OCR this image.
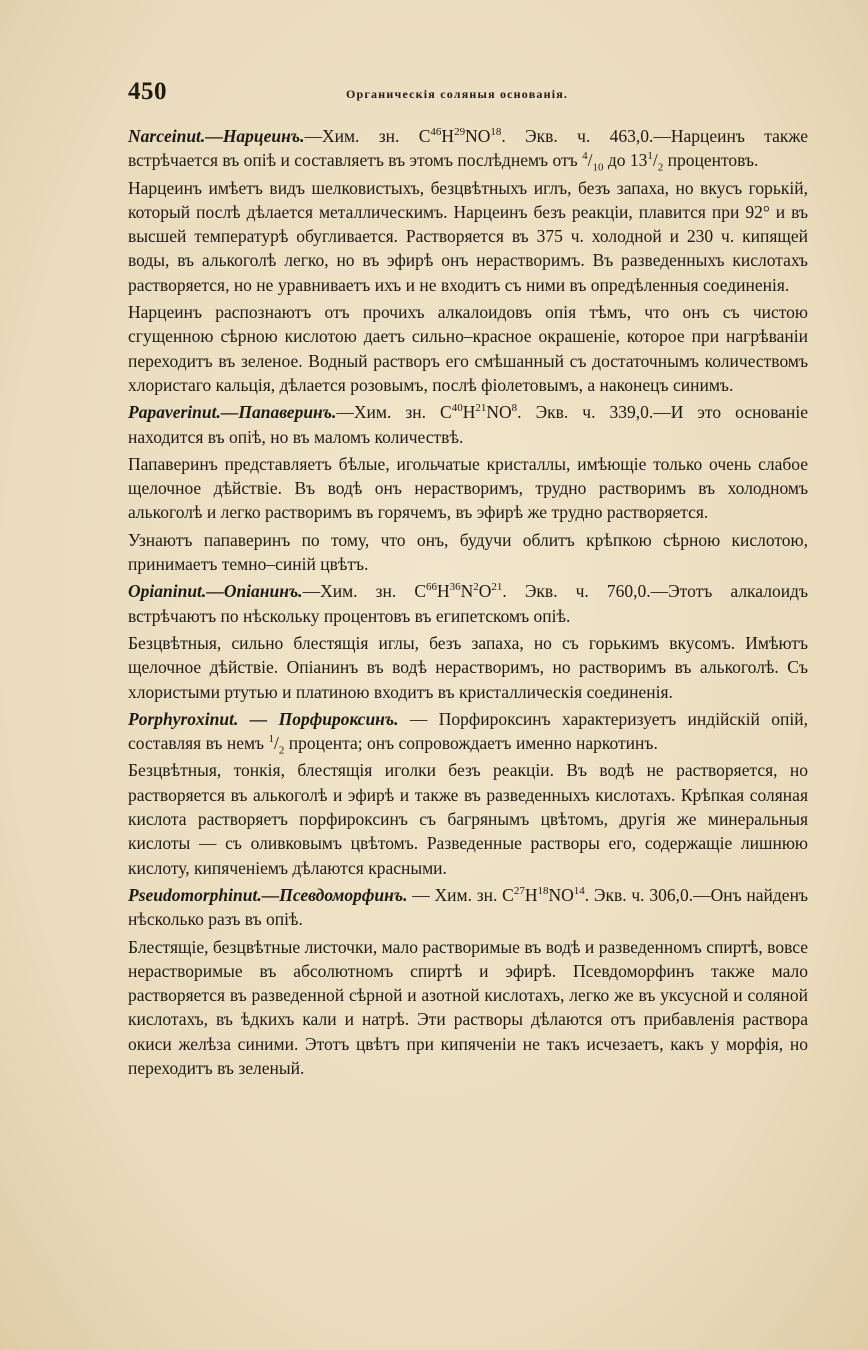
450	Органическія соляныя основанія.

Narceinut.—Нарцеинъ.—Хим. зн. $C^{46}H^{29}NO^{18}$. Экв. ч. 463,0.—Нарцеинъ также встрѣчается въ опіѣ и составляетъ въ этомъ послѣднемъ отъ $^4/_{10}$ до $13^1/_2$ процентовъ.

Нарцеинъ имѣетъ видъ шелковистыхъ, безцвѣтныхъ иглъ, безъ запаха, но вкусъ горькій, который послѣ дѣлается металлическимъ. Нарцеинъ безъ реакціи, плавится при 92° и въ высшей температурѣ обугливается. Растворяется въ 375 ч. холодной и 230 ч. кипящей воды, въ алькоголѣ легко, но въ эфирѣ онъ нерастворимъ. Въ разведенныхъ кислотахъ растворяется, но не уравниваетъ ихъ и не входитъ съ ними въ опредѣленныя соединенія.

Нарцеинъ распознаютъ отъ прочихъ алкалоидовъ опія тѣмъ, что онъ съ чистою сгущенною сѣрною кислотою даетъ сильно–красное окрашеніе, которое при нагрѣваніи переходитъ въ зеленое. Водный растворъ его смѣшанный съ достаточнымъ количествомъ хлористаго кальція, дѣлается розовымъ, послѣ фіолетовымъ, а наконецъ синимъ.

Papaverinut.—Папаверинъ.—Хим. зн. $C^{40}H^{21}NO^8$. Экв. ч. 339,0.—И это основаніе находится въ опіѣ, но въ маломъ количествѣ.

Папаверинъ представляетъ бѣлые, игольчатые кристаллы, имѣющіе только очень слабое щелочное дѣйствіе. Въ водѣ онъ нерастворимъ, трудно растворимъ въ холодномъ алькоголѣ и легко растворимъ въ горячемъ, въ эфирѣ же трудно растворяется.

Узнаютъ папаверинъ по тому, что онъ, будучи облитъ крѣпкою сѣрною кислотою, принимаетъ темно–синій цвѣтъ.

Opianinut.—Опіанинъ.—Хим. зн. $C^{66}H^{36}N^2O^{21}$. Экв. ч. 760,0.—Этотъ алкалоидъ встрѣчаютъ по нѣскольку процентовъ въ египетскомъ опіѣ.

Безцвѣтныя, сильно блестящія иглы, безъ запаха, но съ горькимъ вкусомъ. Имѣютъ щелочное дѣйствіе. Опіанинъ въ водѣ нерастворимъ, но растворимъ въ алькоголѣ. Съ хлористыми ртутью и платиною входитъ въ кристаллическія соединенія.

Porphyroxinut. — Порфироксинъ. — Порфироксинъ характеризуетъ индійскій опій, составляя въ немъ $^1/_2$ процента; онъ сопровождаетъ именно наркотинъ.

Безцвѣтныя, тонкія, блестящія иголки безъ реакціи. Въ водѣ не растворяется, но растворяется въ алькоголѣ и эфирѣ и также въ разведенныхъ кислотахъ. Крѣпкая соляная кислота растворяетъ порфироксинъ съ багрянымъ цвѣтомъ, другія же минеральныя кислоты — съ оливковымъ цвѣтомъ. Разведенные растворы его, содержащіе лишнюю кислоту, кипяченіемъ дѣлаются красными.

Pseudomorphinut.—Псевдоморфинъ. — Хим. зн. $C^{27}H^{18}NO^{14}$. Экв. ч. 306,0.—Онъ найденъ нѣсколько разъ въ опіѣ.

Блестящіе, безцвѣтные листочки, мало растворимые въ водѣ и разведенномъ спиртѣ, вовсе нерастворимые въ абсолютномъ спиртѣ и эфирѣ. Псевдоморфинъ также мало растворяется въ разведенной сѣрной и азотной кислотахъ, легко же въ уксусной и соляной кислотахъ, въ ѣдкихъ кали и натрѣ. Эти растворы дѣлаются отъ прибавленія раствора окиси желѣза синими. Этотъ цвѣтъ при кипяченіи не такъ исчезаетъ, какъ у морфія, но переходитъ въ зеленый.
